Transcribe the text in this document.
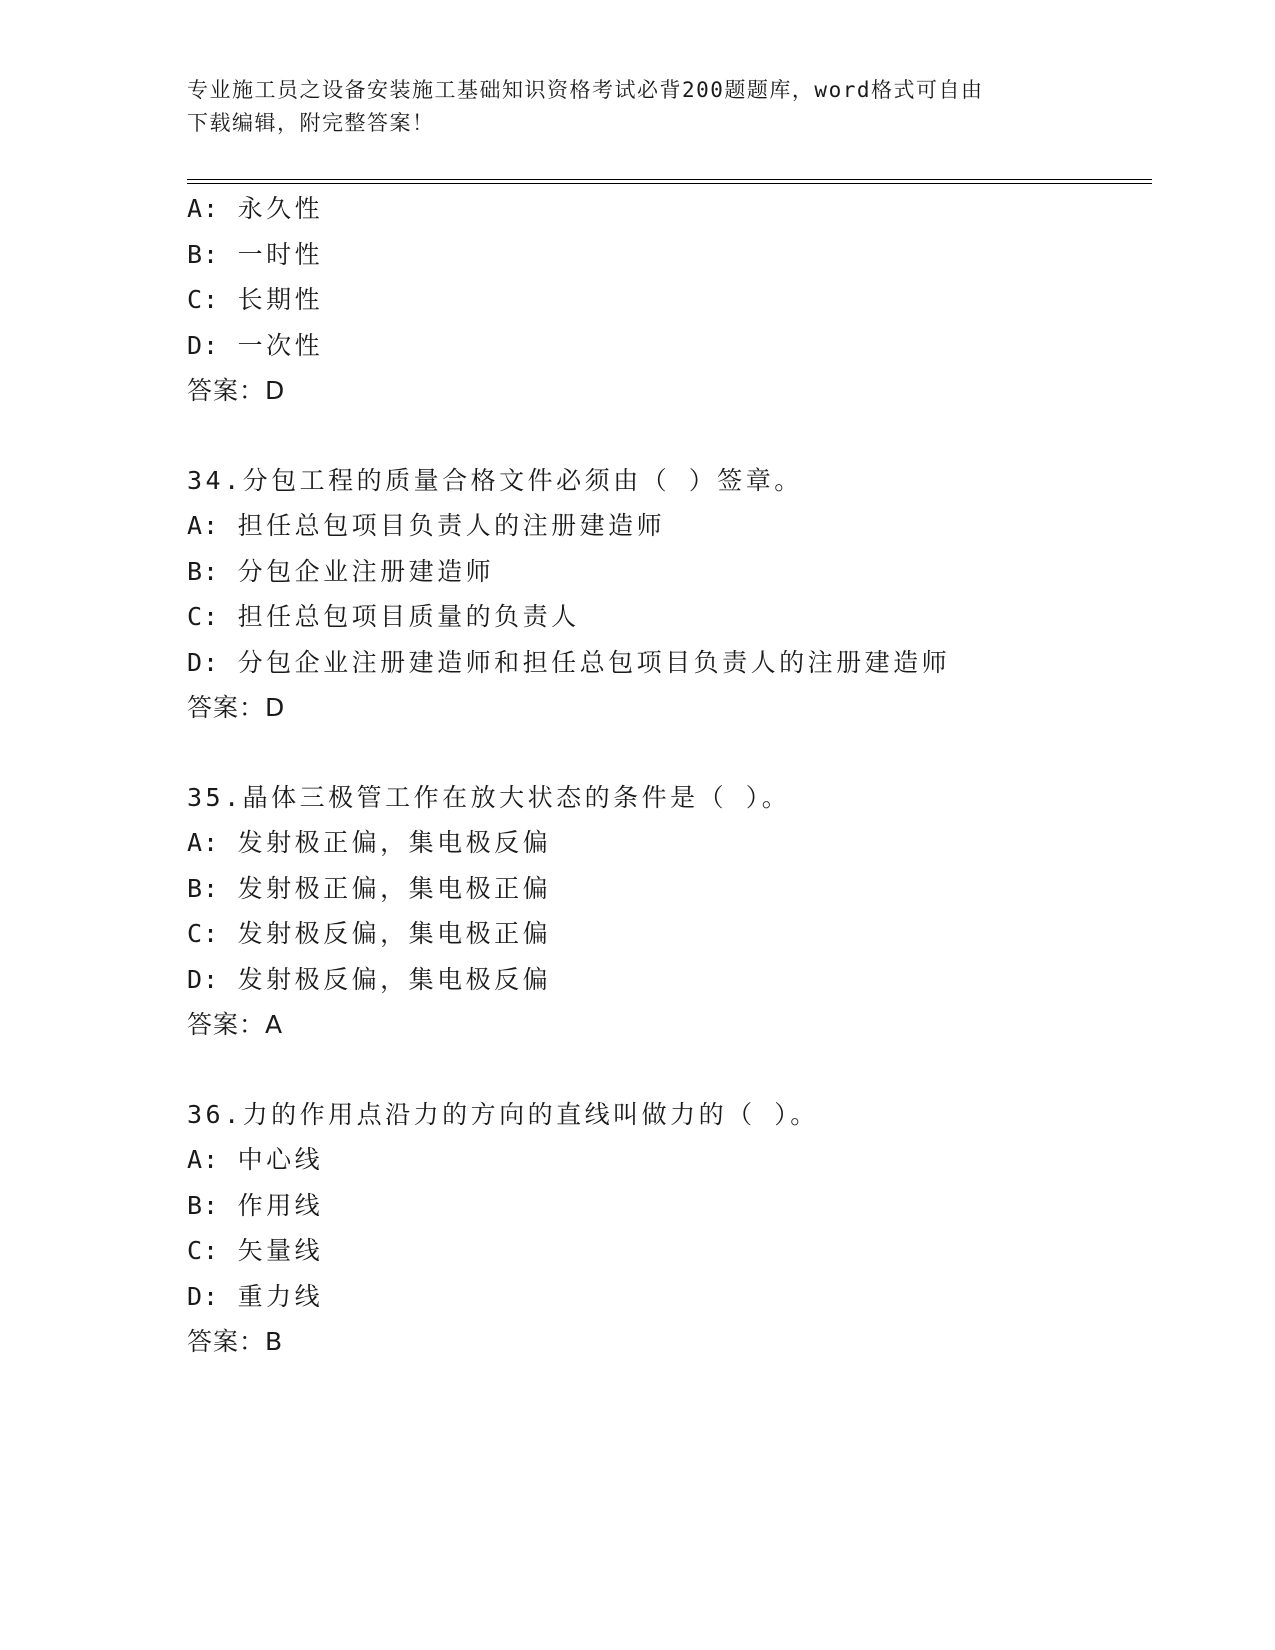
专业施工员之设备安装施工基础知识资格考试必背200题题库，word格式可自由
下载编辑，附完整答案！
A: 永久性
B: 一时性
C: 长期性
D: 一次性
答案：D
34.分包工程的质量合格文件必须由（ ）签章。
A: 担任总包项目负责人的注册建造师
B: 分包企业注册建造师
C: 担任总包项目质量的负责人
D: 分包企业注册建造师和担任总包项目负责人的注册建造师
答案：D
35.晶体三极管工作在放大状态的条件是（ ）。
A: 发射极正偏，集电极反偏
B: 发射极正偏，集电极正偏
C: 发射极反偏，集电极正偏
D: 发射极反偏，集电极反偏
答案：A
36.力的作用点沿力的方向的直线叫做力的（ ）。
A: 中心线
B: 作用线
C: 矢量线
D: 重力线
答案：B
